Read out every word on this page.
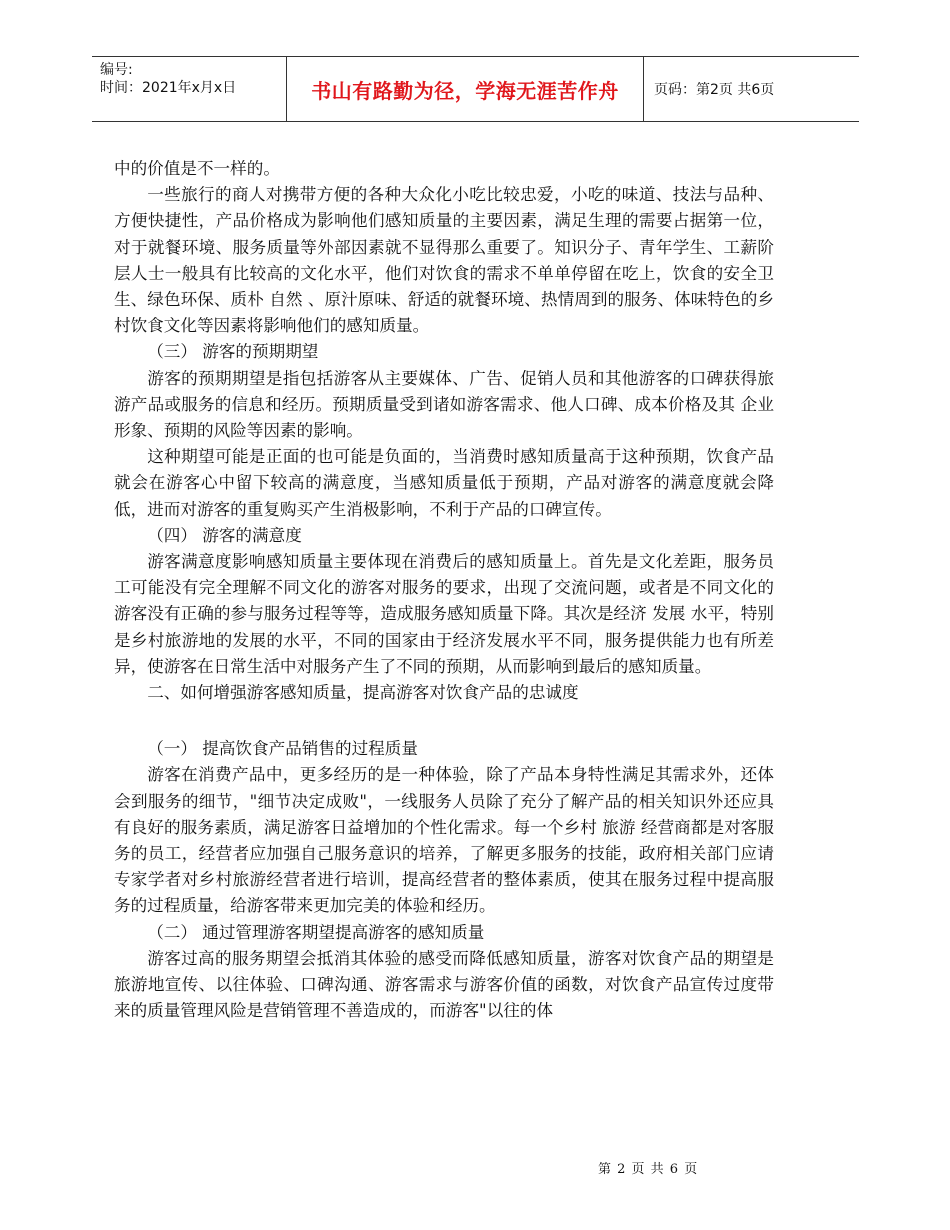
编号:
时间：2021年x月x日	书山有路勤为径，学海无涯苦作舟	页码：第2页 共6页

中的价值是不一样的。

一些旅行的商人对携带方便的各种大众化小吃比较忠爱，小吃的味道、技法与品种、方便快捷性，产品价格成为影响他们感知质量的主要因素，满足生理的需要占据第一位，对于就餐环境、服务质量等外部因素就不显得那么重要了。知识分子、青年学生、工薪阶层人士一般具有比较高的文化水平，他们对饮食的需求不单单停留在吃上，饮食的安全卫生、绿色环保、质朴 自然 、原汁原味、舒适的就餐环境、热情周到的服务、体味特色的乡村饮食文化等因素将影响他们的感知质量。

（三） 游客的预期期望

游客的预期期望是指包括游客从主要媒体、广告、促销人员和其他游客的口碑获得旅游产品或服务的信息和经历。预期质量受到诸如游客需求、他人口碑、成本价格及其 企业 形象、预期的风险等因素的影响。

这种期望可能是正面的也可能是负面的，当消费时感知质量高于这种预期，饮食产品就会在游客心中留下较高的满意度，当感知质量低于预期，产品对游客的满意度就会降低，进而对游客的重复购买产生消极影响，不利于产品的口碑宣传。

（四） 游客的满意度

游客满意度影响感知质量主要体现在消费后的感知质量上。首先是文化差距，服务员工可能没有完全理解不同文化的游客对服务的要求，出现了交流问题，或者是不同文化的游客没有正确的参与服务过程等等，造成服务感知质量下降。其次是经济 发展 水平，特别是乡村旅游地的发展的水平，不同的国家由于经济发展水平不同，服务提供能力也有所差异，使游客在日常生活中对服务产生了不同的预期，从而影响到最后的感知质量。

二、如何增强游客感知质量，提高游客对饮食产品的忠诚度

（一） 提高饮食产品销售的过程质量

游客在消费产品中，更多经历的是一种体验，除了产品本身特性满足其需求外，还体会到服务的细节，"细节决定成败"，一线服务人员除了充分了解产品的相关知识外还应具有良好的服务素质，满足游客日益增加的个性化需求。每一个乡村 旅游 经营商都是对客服务的员工，经营者应加强自己服务意识的培养，了解更多服务的技能，政府相关部门应请专家学者对乡村旅游经营者进行培训，提高经营者的整体素质，使其在服务过程中提高服务的过程质量，给游客带来更加完美的体验和经历。

（二） 通过管理游客期望提高游客的感知质量

游客过高的服务期望会抵消其体验的感受而降低感知质量，游客对饮食产品的期望是旅游地宣传、以往体验、口碑沟通、游客需求与游客价值的函数，对饮食产品宣传过度带来的质量管理风险是营销管理不善造成的，而游客"以往的体

第 2 页 共 6 页
